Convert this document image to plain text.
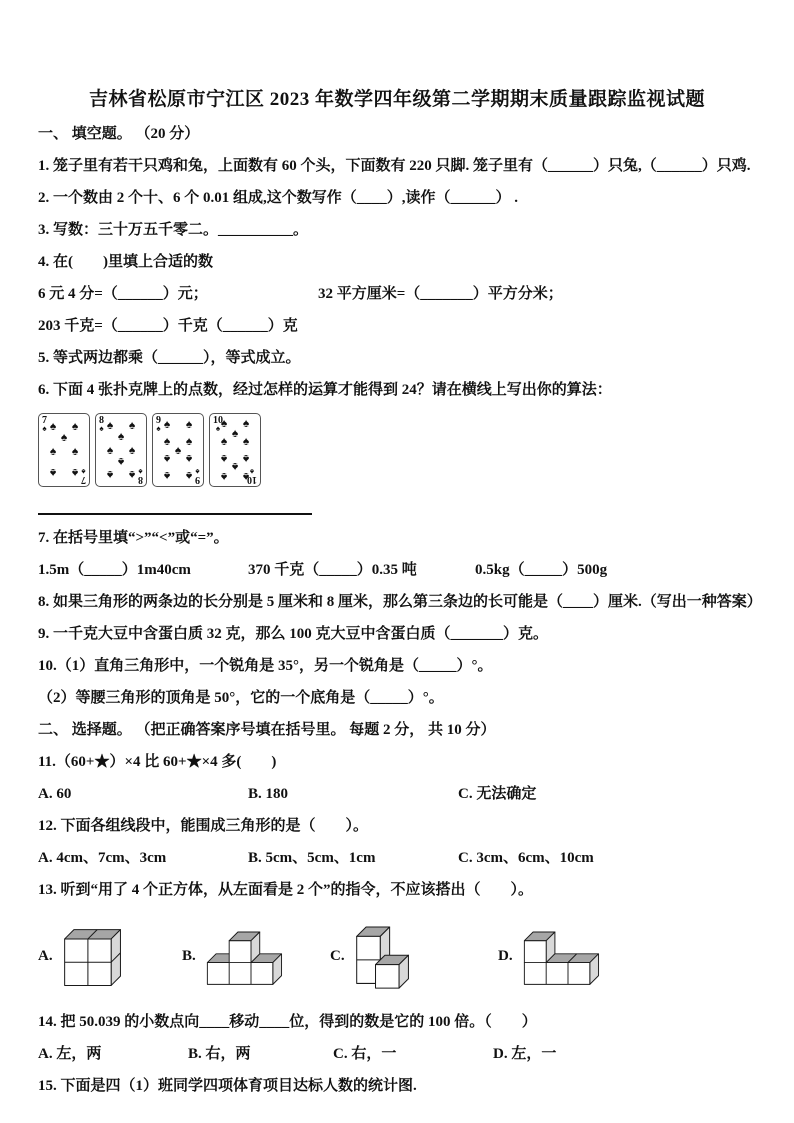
吉林省松原市宁江区 2023 年数学四年级第二学期期末质量跟踪监视试题

一、 填空题。 （20 分）

1. 笼子里有若干只鸡和兔，上面数有 60 个头，下面数有 220 只脚. 笼子里有（______）只兔,（______）只鸡.

2. 一个数由 2 个十、6 个 0.01 组成,这个数写作（____）,读作（______） .

3. 写数：三十万五千零二。__________。

4. 在(　　)里填上合适的数

6 元 4 分=（______）元；	32 平方厘米=（_______）平方分米；

203 千克=（______）千克（______）克

5. 等式两边都乘（______），等式成立。

6. 下面 4 张扑克牌上的点数，经过怎样的运算才能得到 24？请在横线上写出你的算法：

7
♠ ♠ ♠
♠
♠ ♠
♠ ♠ 7
♠
8
♠ ♠ ♠
♠
♠ ♠
♠
♠ ♠ 8
♠
9
♠ ♠ ♠
♠ ♠
♠
♠ ♠
♠ ♠ 9
♠
10
♠ ♠ ♠
♠
♠ ♠
♠ ♠
♠
♠ ♠
10
♠

7. 在括号里填“>”“<”或“=”。

1.5m（_____）1m40cm	370 千克（_____）0.35 吨	0.5kg（_____）500g

8. 如果三角形的两条边的长分别是 5 厘米和 8 厘米，那么第三条边的长可能是（____）厘米.（写出一种答案）

9. 一千克大豆中含蛋白质 32 克，那么 100 克大豆中含蛋白质（_______）克。

10.（1）直角三角形中，一个锐角是 35°，另一个锐角是（_____）°。

（2）等腰三角形的顶角是 50°，它的一个底角是（_____）°。

二、 选择题。 （把正确答案序号填在括号里。 每题 2 分， 共 10 分）

11.（60+★）×4 比 60+★×4 多(　　)

A. 60	B. 180	C. 无法确定

12. 下面各组线段中，能围成三角形的是（　　）。

A. 4cm、7cm、3cm	B. 5cm、5cm、1cm	C. 3cm、6cm、10cm

13. 听到“用了 4 个正方体，从左面看是 2 个”的指令，不应该搭出（　　）。

A.	B.	C.	D.

14. 把 50.039 的小数点向____移动____位，得到的数是它的 100 倍。（　　）

A. 左，两	B. 右，两	C. 右，一	D. 左，一

15. 下面是四（1）班同学四项体育项目达标人数的统计图.
